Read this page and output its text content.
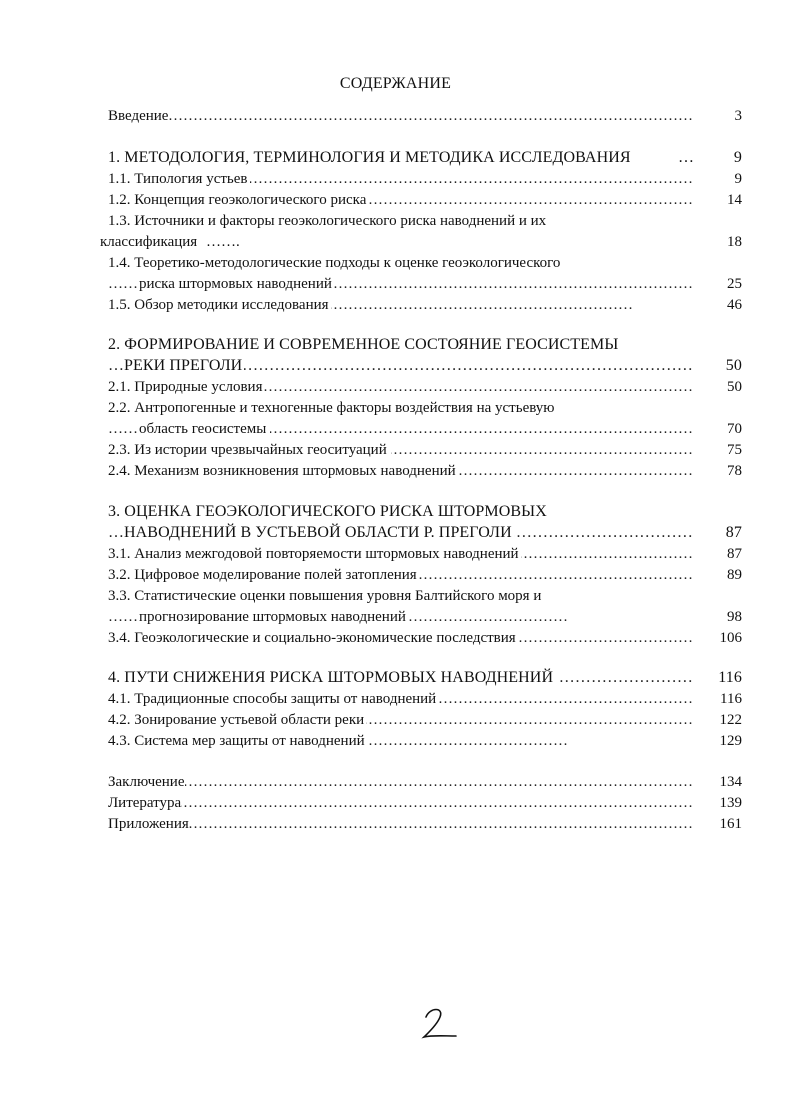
СОДЕРЖАНИЕ
………………………………………………………………………………………………………………………………………………………………………………………………………………………………………………………………
Введение	3
1. МЕТОДОЛОГИЯ, ТЕРМИНОЛОГИЯ И МЕТОДИКА ИССЛЕДОВАНИЯ	… 9
………………………………………………………………………………………………………………………………………………………………………………………………………………………………………………………………
1.1. Типология устьев	9
………………………………………………………………………………………………………………………………………………………………………………………………………………………………………………………………
1.2. Концепция геоэкологического риска	14
1.3. Источники и факторы геоэкологического риска наводнений и их
классификация …….	18
1.4. Теоретико-методологические подходы к оценке геоэкологического
………………………………………………………………………………………………………………………………………………………………………………………………………………………………………………………………
риска штормовых наводнений	25
………………………………………………………………………………………………………………………………………………………………………………………………………………………………………………………………
1.5. Обзор методики исследования	46
2. ФОРМИРОВАНИЕ И СОВРЕМЕННОЕ СОСТОЯНИЕ ГЕОСИСТЕМЫ
………………………………………………………………………………………………………………………………………………………………………………………………………………………………………………………………
РЕКИ ПРЕГОЛИ	50
………………………………………………………………………………………………………………………………………………………………………………………………………………………………………………………………
2.1. Природные условия	50
2.2. Антропогенные и техногенные факторы воздействия на устьевую
………………………………………………………………………………………………………………………………………………………………………………………………………………………………………………………………
область геосистемы	70
………………………………………………………………………………………………………………………………………………………………………………………………………………………………………………………………
2.3. Из истории чрезвычайных геоситуаций	75
………………………………………………………………………………………………………………………………………………………………………………………………………………………………………………………………
2.4. Механизм возникновения штормовых наводнений	78
3. ОЦЕНКА ГЕОЭКОЛОГИЧЕСКОГО РИСКА ШТОРМОВЫХ
………………………………………………………………………………………………………………………………………………………………………………………………………………………………………………………………
НАВОДНЕНИЙ В УСТЬЕВОЙ ОБЛАСТИ Р. ПРЕГОЛИ	87
………………………………………………………………………………………………………………………………………………………………………………………………………………………………………………………………
3.1. Анализ межгодовой повторяемости штормовых наводнений	87
………………………………………………………………………………………………………………………………………………………………………………………………………………………………………………………………
3.2. Цифровое моделирование полей затопления	89
3.3. Статистические оценки повышения уровня Балтийского моря и
………………………………………………………………………………………………………………………………………………………………………………………………………………………………………………………………
прогнозирование штормовых наводнений	98
………………………………………………………………………………………………………………………………………………………………………………………………………………………………………………………………
3.4. Геоэкологические и социально-экономические последствия	106
………………………………………………………………………………………………………………………………………………………………………………………………………………………………………………………………
4. ПУТИ СНИЖЕНИЯ РИСКА ШТОРМОВЫХ НАВОДНЕНИЙ	116
………………………………………………………………………………………………………………………………………………………………………………………………………………………………………………………………
4.1. Традиционные способы защиты от наводнений	116
………………………………………………………………………………………………………………………………………………………………………………………………………………………………………………………………
4.2. Зонирование устьевой области реки	122
………………………………………………………………………………………………………………………………………………………………………………………………………………………………………………………………
4.3. Система мер защиты от наводнений	129
………………………………………………………………………………………………………………………………………………………………………………………………………………………………………………………………
Заключение	134
………………………………………………………………………………………………………………………………………………………………………………………………………………………………………………………………
Литература	139
………………………………………………………………………………………………………………………………………………………………………………………………………………………………………………………………
Приложения	161
